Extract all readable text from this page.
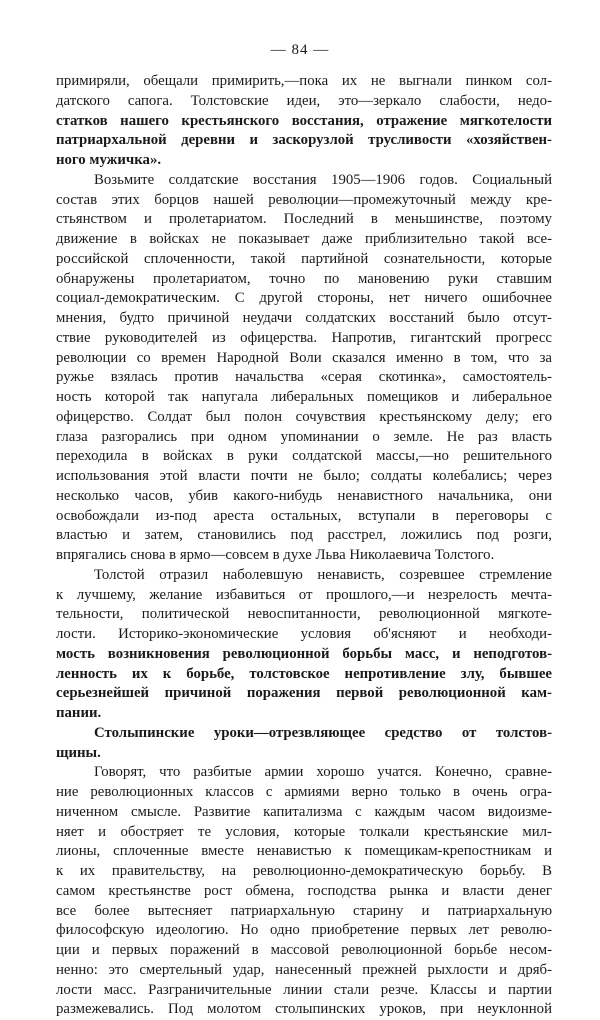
— 84 —
примиряли, обещали примирить,—пока их не выгнали пинком сол-
датского сапога. Толстовские идеи, это—зеркало слабости, недо-
статков нашего крестьянского восстания, отражение мягкотелости
патриархальной деревни и заскорузлой трусливости «хозяйствен-
ного мужичка».
Возьмите солдатские восстания 1905—1906 годов. Социальный
состав этих борцов нашей революции—промежуточный между кре-
стьянством и пролетариатом. Последний в меньшинстве, поэтому
движение в войсках не показывает даже приблизительно такой все-
российской сплоченности, такой партийной сознательности, которые
обнаружены пролетариатом, точно по мановению руки ставшим
социал-демократическим. С другой стороны, нет ничего ошибочнее
мнения, будто причиной неудачи солдатских восстаний было отсут-
ствие руководителей из офицерства. Напротив, гигантский прогресс
революции со времен Народной Воли сказался именно в том, что за
ружье взялась против начальства «серая скотинка», самостоятель-
ность которой так напугала либеральных помещиков и либеральное
офицерство. Солдат был полон сочувствия крестьянскому делу; его
глаза разгорались при одном упоминании о земле. Не раз власть
переходила в войсках в руки солдатской массы,—но решительного
использования этой власти почти не было; солдаты колебались; через
несколько часов, убив какого-нибудь ненавистного начальника, они
освобождали из-под ареста остальных, вступали в переговоры с
властью и затем, становились под расстрел, ложились под розги,
впрягались снова в ярмо—совсем в духе Льва Николаевича Толстого.
Толстой отразил наболевшую ненависть, созревшее стремление
к лучшему, желание избавиться от прошлого,—и незрелость мечта-
тельности, политической невоспитанности, революционной мягкоте-
лости. Историко-экономические условия об'ясняют и необходи-
мость возникновения революционной борьбы масс, и неподготов-
ленность их к борьбе, толстовское непротивление злу, бывшее
серьезнейшей причиной поражения первой революционной кам-
пании.
Столыпинские уроки—отрезвляющее средство от толстов-
щины.
Говорят, что разбитые армии хорошо учатся. Конечно, сравне-
ние революционных классов с армиями верно только в очень огра-
ниченном смысле. Развитие капитализма с каждым часом видоизме-
няет и обостряет те условия, которые толкали крестьянские мил-
лионы, сплоченные вместе ненавистью к помещикам-крепостникам и
к их правительству, на революционно-демократическую борьбу. В
самом крестьянстве рост обмена, господства рынка и власти денег
все более вытесняет патриархальную старину и патриархальную
философскую идеологию. Но одно приобретение первых лет револю-
ции и первых поражений в массовой революционной борьбе несом-
ненно: это смертельный удар, нанесенный прежней рыхлости и дряб-
лости масс. Разграничительные линии стали резче. Классы и партии
размежевались. Под молотом столыпинских уроков, при неуклонной
